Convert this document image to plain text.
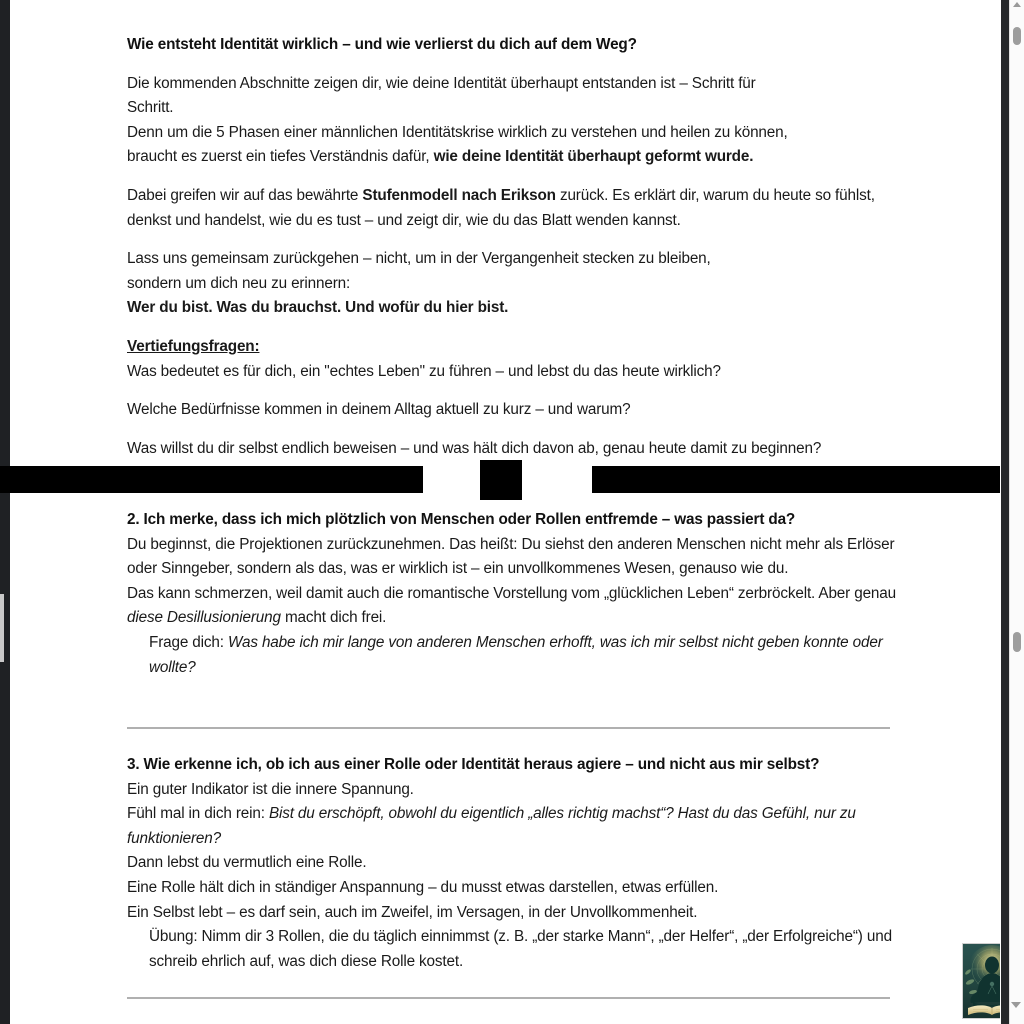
Wie entsteht Identität wirklich – und wie verlierst du dich auf dem Weg?

Die kommenden Abschnitte zeigen dir, wie deine Identität überhaupt entstanden ist – Schritt für
Schritt.
Denn um die 5 Phasen einer männlichen Identitätskrise wirklich zu verstehen und heilen zu können,
braucht es zuerst ein tiefes Verständnis dafür, wie deine Identität überhaupt geformt wurde.

Dabei greifen wir auf das bewährte Stufenmodell nach Erikson zurück. Es erklärt dir, warum du heute so fühlst, denkst und handelst, wie du es tust – und zeigt dir, wie du das Blatt wenden kannst.

Lass uns gemeinsam zurückgehen – nicht, um in der Vergangenheit stecken zu bleiben,
sondern um dich neu zu erinnern:
Wer du bist. Was du brauchst. Und wofür du hier bist.

Vertiefungsfragen:
Was bedeutet es für dich, ein "echtes Leben" zu führen – und lebst du das heute wirklich?

Welche Bedürfnisse kommen in deinem Alltag aktuell zu kurz – und warum?

Was willst du dir selbst endlich beweisen – und was hält dich davon ab, genau heute damit zu beginnen?

2. Ich merke, dass ich mich plötzlich von Menschen oder Rollen entfremde – was passiert da?

Du beginnst, die Projektionen zurückzunehmen. Das heißt: Du siehst den anderen Menschen nicht mehr als Erlöser oder Sinngeber, sondern als das, was er wirklich ist – ein unvollkommenes Wesen, genauso wie du.

Das kann schmerzen, weil damit auch die romantische Vorstellung vom „glücklichen Leben“ zerbröckelt. Aber genau diese Desillusionierung macht dich frei.

Frage dich: Was habe ich mir lange von anderen Menschen erhofft, was ich mir selbst nicht geben konnte oder wollte?

3. Wie erkenne ich, ob ich aus einer Rolle oder Identität heraus agiere – und nicht aus mir selbst?

Ein guter Indikator ist die innere Spannung.

Fühl mal in dich rein: Bist du erschöpft, obwohl du eigentlich „alles richtig machst“? Hast du das Gefühl, nur zu funktionieren?

Dann lebst du vermutlich eine Rolle.

Eine Rolle hält dich in ständiger Anspannung – du musst etwas darstellen, etwas erfüllen.

Ein Selbst lebt – es darf sein, auch im Zweifel, im Versagen, in der Unvollkommenheit.

Übung: Nimm dir 3 Rollen, die du täglich einnimmst (z. B. „der starke Mann“, „der Helfer“, „der Erfolgreiche“) und schreib ehrlich auf, was dich diese Rolle kostet.
